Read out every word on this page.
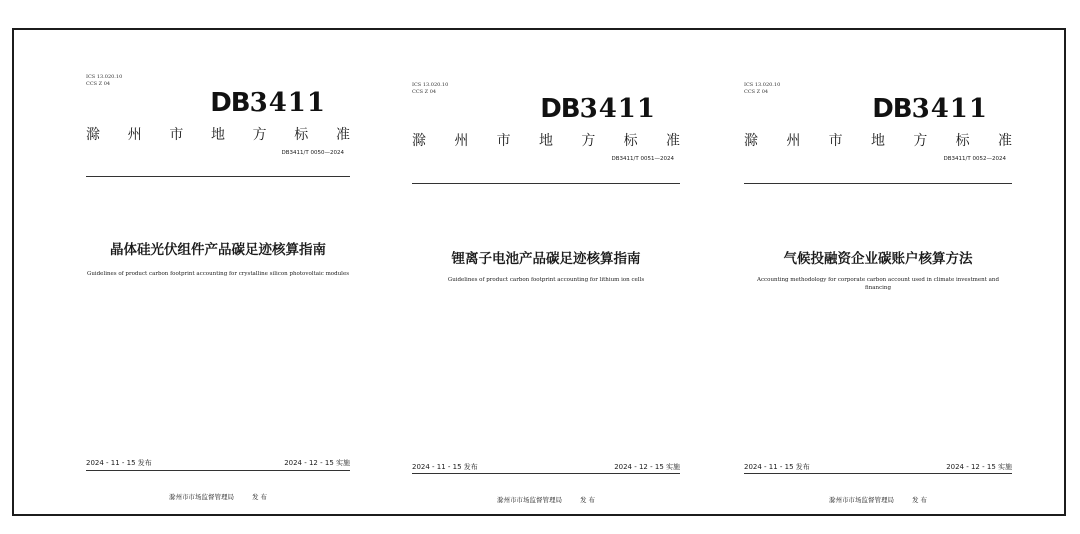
ICS 13.020.10
CCS Z 04
DB3411
滁 州 市 地 方 标 准
DB3411/T 0050—2024
晶体硅光伏组件产品碳足迹核算指南
Guidelines of product carbon footprint accounting for crystalline silicon photovoltaic modules
2024 - 11 - 15 发布	2024 - 12 - 15 实施
滁州市市场监督管理局	发 布
ICS 13.020.10
CCS Z 04
DB3411
滁 州 市 地 方 标 准
DB3411/T 0051—2024
锂离子电池产品碳足迹核算指南
Guidelines of product carbon footprint accounting for lithium ion cells
2024 - 11 - 15 发布	2024 - 12 - 15 实施
滁州市市场监督管理局	发 布
ICS 13.020.10
CCS Z 04
DB3411
滁 州 市 地 方 标 准
DB3411/T 0052—2024
气候投融资企业碳账户核算方法
Accounting methodology for corporate carbon account used in climate investment and financing
2024 - 11 - 15 发布	2024 - 12 - 15 实施
滁州市市场监督管理局	发 布
